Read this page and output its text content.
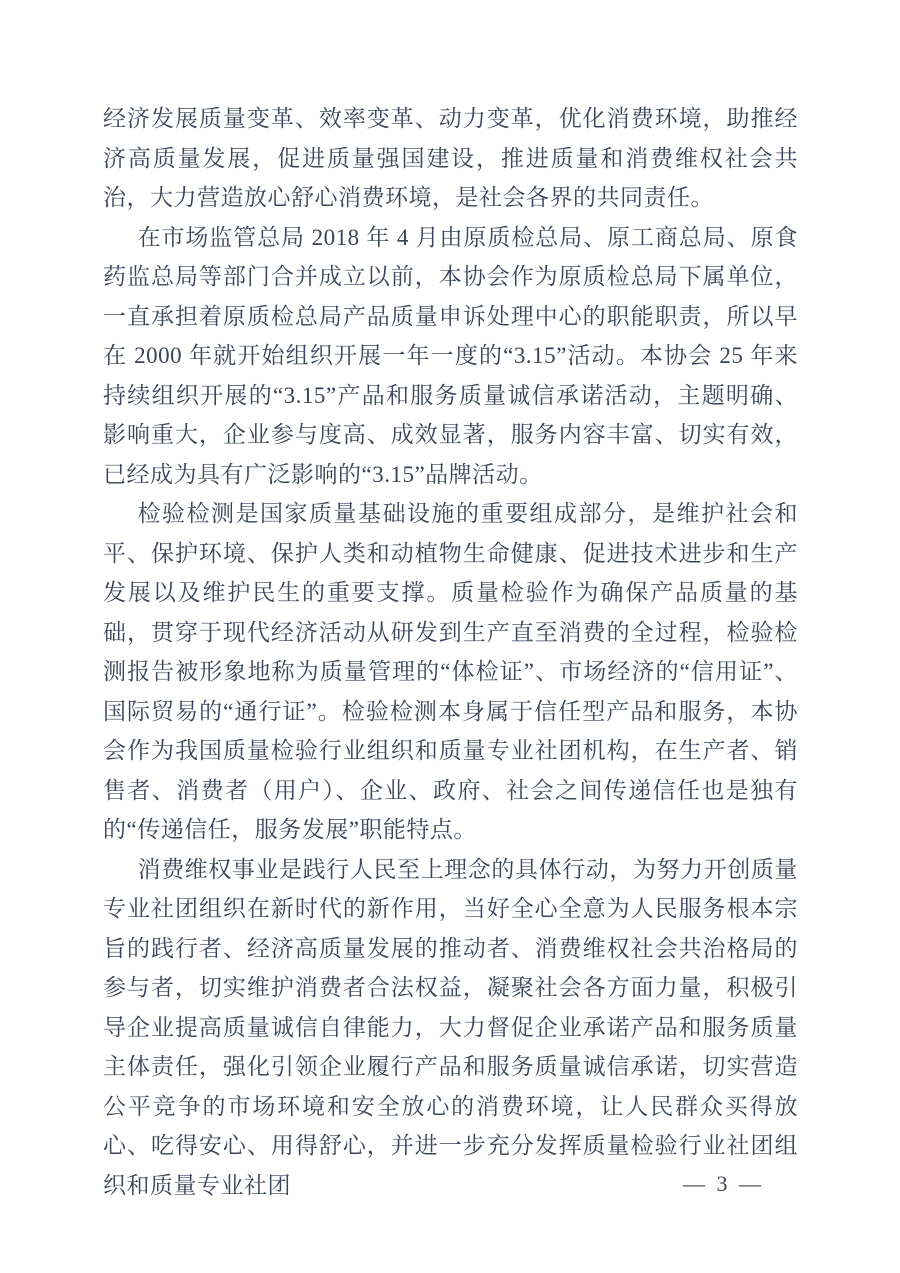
经济发展质量变革、效率变革、动力变革，优化消费环境，助推经济高质量发展，促进质量强国建设，推进质量和消费维权社会共治，大力营造放心舒心消费环境，是社会各界的共同责任。

在市场监管总局 2018 年 4 月由原质检总局、原工商总局、原食药监总局等部门合并成立以前，本协会作为原质检总局下属单位，一直承担着原质检总局产品质量申诉处理中心的职能职责，所以早在 2000 年就开始组织开展一年一度的“3.15”活动。本协会 25 年来持续组织开展的“3.15”产品和服务质量诚信承诺活动，主题明确、影响重大，企业参与度高、成效显著，服务内容丰富、切实有效，已经成为具有广泛影响的“3.15”品牌活动。

检验检测是国家质量基础设施的重要组成部分，是维护社会和平、保护环境、保护人类和动植物生命健康、促进技术进步和生产发展以及维护民生的重要支撑。质量检验作为确保产品质量的基础，贯穿于现代经济活动从研发到生产直至消费的全过程，检验检测报告被形象地称为质量管理的“体检证”、市场经济的“信用证”、国际贸易的“通行证”。检验检测本身属于信任型产品和服务，本协会作为我国质量检验行业组织和质量专业社团机构，在生产者、销售者、消费者（用户）、企业、政府、社会之间传递信任也是独有的“传递信任，服务发展”职能特点。

消费维权事业是践行人民至上理念的具体行动，为努力开创质量专业社团组织在新时代的新作用，当好全心全意为人民服务根本宗旨的践行者、经济高质量发展的推动者、消费维权社会共治格局的参与者，切实维护消费者合法权益，凝聚社会各方面力量，积极引导企业提高质量诚信自律能力，大力督促企业承诺产品和服务质量主体责任，强化引领企业履行产品和服务质量诚信承诺，切实营造公平竞争的市场环境和安全放心的消费环境，让人民群众买得放心、吃得安心、用得舒心，并进一步充分发挥质量检验行业社团组织和质量专业社团	— 3 —
